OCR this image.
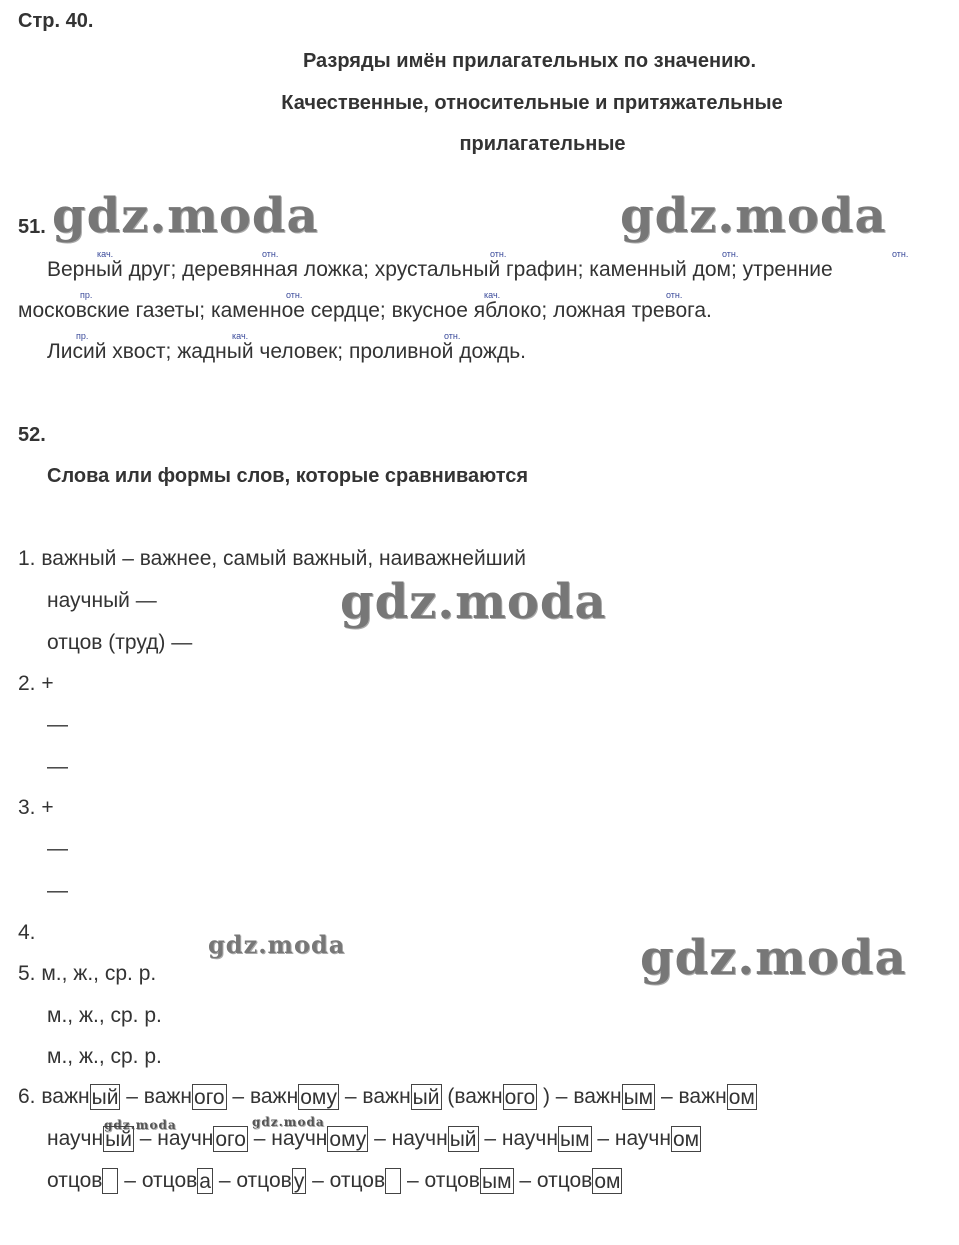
Стр. 40.
Разряды имён прилагательных по значению.
Качественные, относительные и притяжательные
прилагательные
51. gdz.moda	gdz.moda
кач.	отн.	отн.	отн.	отн.
Верный друг; деревянная ложка; хрустальный графин; каменный дом; утренние
пр.	отн.	кач.	отн.
московские газеты; каменное сердце; вкусное яблоко; ложная тревога.
пр.	кач.	отн.
Лисий хвост; жадный человек; проливной дождь.
52.
Слова или формы слов, которые сравниваются
1. важный – важнее, самый важный, наиважнейший
научный —
отцов (труд) —
gdz.moda
2. +
—
—
3. +
—
—
4.	gdz.moda	gdz.moda
5. м., ж., ср. р.
м., ж., ср. р.
м., ж., ср. р.
6. важн ый – важн ого – важн ому – важн ый ( важн ого ) – важн ым – важн ом
gdz.moda	gdz.moda
научн ый – научн ого – научн ому – научн ый – научн ым – научн ом
отцов – отцов а – отцов у – отцов – отцов ым – отцов ом
